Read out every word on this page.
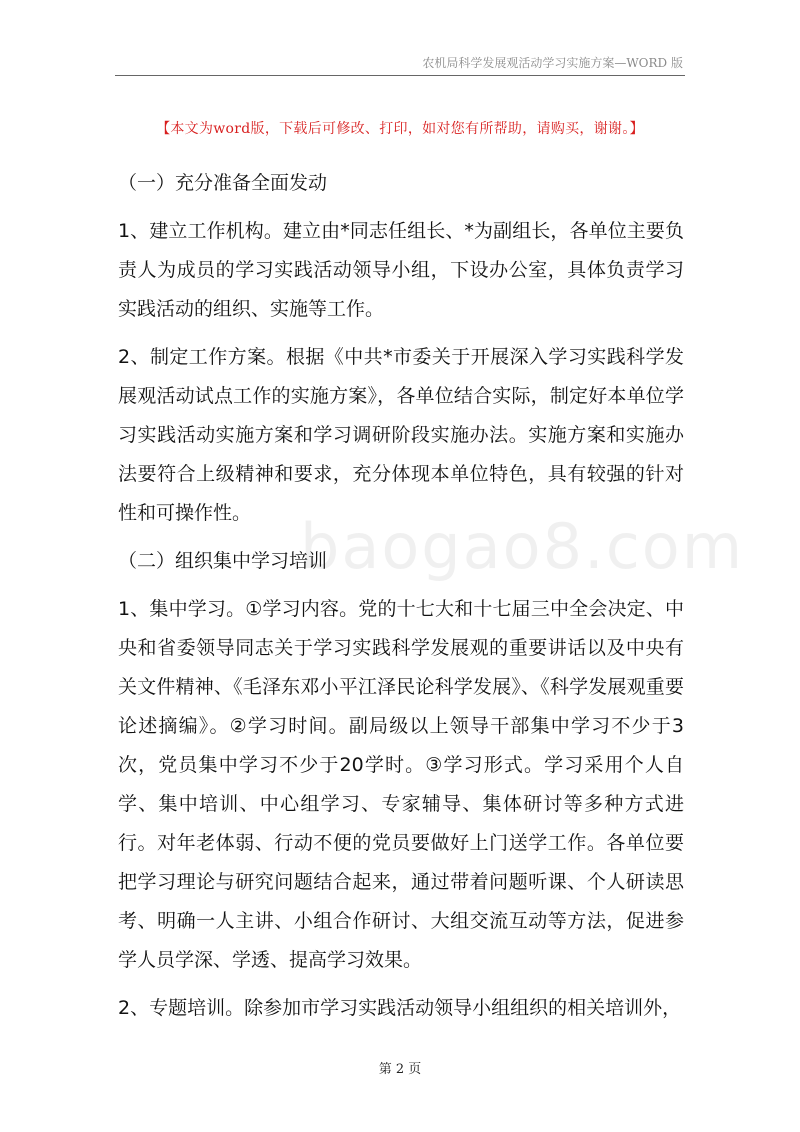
农机局科学发展观活动学习实施方案—WORD 版
【本文为word版，下载后可修改、打印，如对您有所帮助，请购买，谢谢。】
baogao8.com

（一）充分准备全面发动

1、建立工作机构。建立由*同志任组长、*为副组长，各单位主要负责人为成员的学习实践活动领导小组，下设办公室，具体负责学习实践活动的组织、实施等工作。

2、制定工作方案。根据《中共*市委关于开展深入学习实践科学发展观活动试点工作的实施方案》，各单位结合实际，制定好本单位学习实践活动实施方案和学习调研阶段实施办法。实施方案和实施办法要符合上级精神和要求，充分体现本单位特色，具有较强的针对性和可操作性。

（二）组织集中学习培训

1、集中学习。①学习内容。党的十七大和十七届三中全会决定、中央和省委领导同志关于学习实践科学发展观的重要讲话以及中央有关文件精神、《毛泽东邓小平江泽民论科学发展》、《科学发展观重要论述摘编》。②学习时间。副局级以上领导干部集中学习不少于3次，党员集中学习不少于20学时。③学习形式。学习采用个人自学、集中培训、中心组学习、专家辅导、集体研讨等多种方式进行。对年老体弱、行动不便的党员要做好上门送学工作。各单位要把学习理论与研究问题结合起来，通过带着问题听课、个人研读思考、明确一人主讲、小组合作研讨、大组交流互动等方法，促进参学人员学深、学透、提高学习效果。

2、专题培训。除参加市学习实践活动领导小组组织的相关培训外，

第 2 页
